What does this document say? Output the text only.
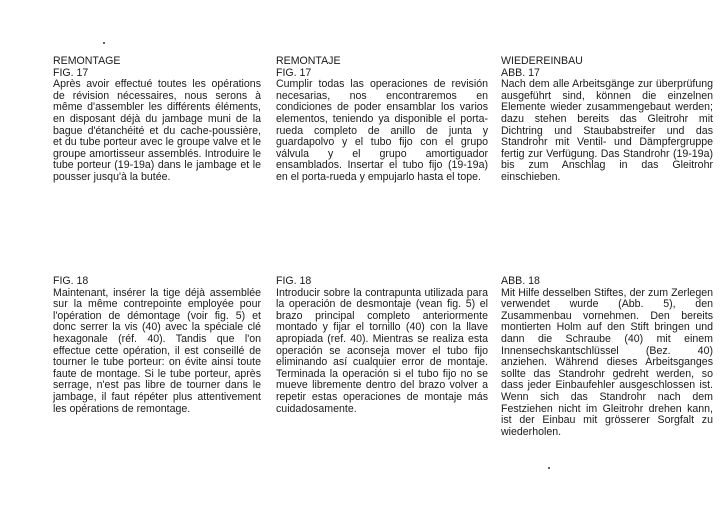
REMONTAGE
FIG. 17
Après avoir effectué toutes les opérations de révision nécessaires, nous serons à même d'assembler les différents éléments, en disposant déjà du jambage muni de la bague d'étanchéité et du cache-poussière, et du tube porteur avec le groupe valve et le groupe amortisseur assemblés. Introduire le tube porteur (19-19a) dans le jambage et le pousser jusqu'à la butée.
REMONTAJE
FIG. 17
Cumplir todas las operaciones de revisión necesarias, nos encontraremos en condiciones de poder ensamblar los varios elementos, teniendo ya disponible el porta-rueda completo de anillo de junta y guardapolvo y el tubo fijo con el grupo válvula y el grupo amortiguador ensamblados. Insertar el tubo fijo (19-19a) en el porta-rueda y empujarlo hasta el tope.
WIEDEREINBAU
ABB. 17
Nach dem alle Arbeitsgänge zur überprüfung ausgeführt sind, können die einzelnen Elemente wieder zusammengebaut werden; dazu stehen bereits das Gleitrohr mit Dichtring und Staubabstreifer und das Standrohr mit Ventil- und Dämpfergruppe fertig zur Verfügung. Das Standrohr (19-19a) bis zum Anschlag in das Gleitrohr einschieben.
FIG. 18
Maintenant, insérer la tige déjà assemblée sur la même contrepointe employée pour l'opération de démontage (voir fig. 5) et donc serrer la vis (40) avec la spéciale clé hexagonale (réf. 40). Tandis que l'on effectue cette opération, il est conseillé de tourner le tube porteur: on évite ainsi toute faute de montage. Si le tube porteur, après serrage, n'est pas libre de tourner dans le jambage, il faut répéter plus attentivement les opérations de remontage.
FIG. 18
Introducir sobre la contrapunta utilizada para la operación de desmontaje (vean fig. 5) el brazo principal completo anteriormente montado y fijar el tornillo (40) con la llave apropiada (ref. 40). Mientras se realiza esta operación se aconseja mover el tubo fijo eliminando así cualquier error de montaje. Terminada la operación si el tubo fijo no se mueve libremente dentro del brazo volver a repetir estas operaciones de montaje más cuidadosamente.
ABB. 18
Mit Hilfe desselben Stiftes, der zum Zerlegen verwendet wurde (Abb. 5), den Zusammenbau vornehmen. Den bereits montierten Holm auf den Stift bringen und dann die Schraube (40) mit einem Innensechskantschlüssel (Bez. 40) anziehen. Während dieses Arbeitsganges sollte das Standrohr gedreht werden, so dass jeder Einbaufehler ausgeschlossen ist. Wenn sich das Standrohr nach dem Festziehen nicht im Gleitrohr drehen kann, ist der Einbau mit grösserer Sorgfalt zu wiederholen.
